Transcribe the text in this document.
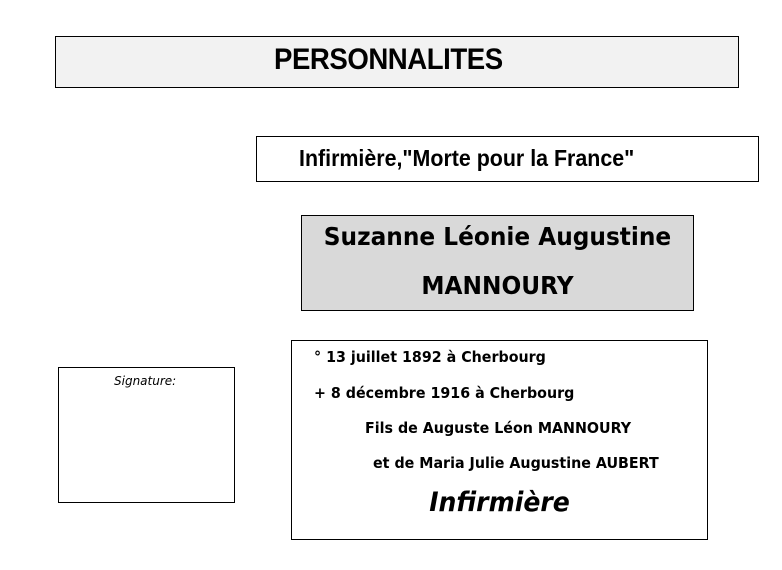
PERSONNALITES
Infirmière,"Morte pour la France"
Suzanne Léonie Augustine
MANNOURY
Signature:
° 13 juillet 1892 à Cherbourg
+ 8 décembre 1916 à Cherbourg
Fils de Auguste Léon MANNOURY
et de Maria Julie Augustine AUBERT
Infirmière
